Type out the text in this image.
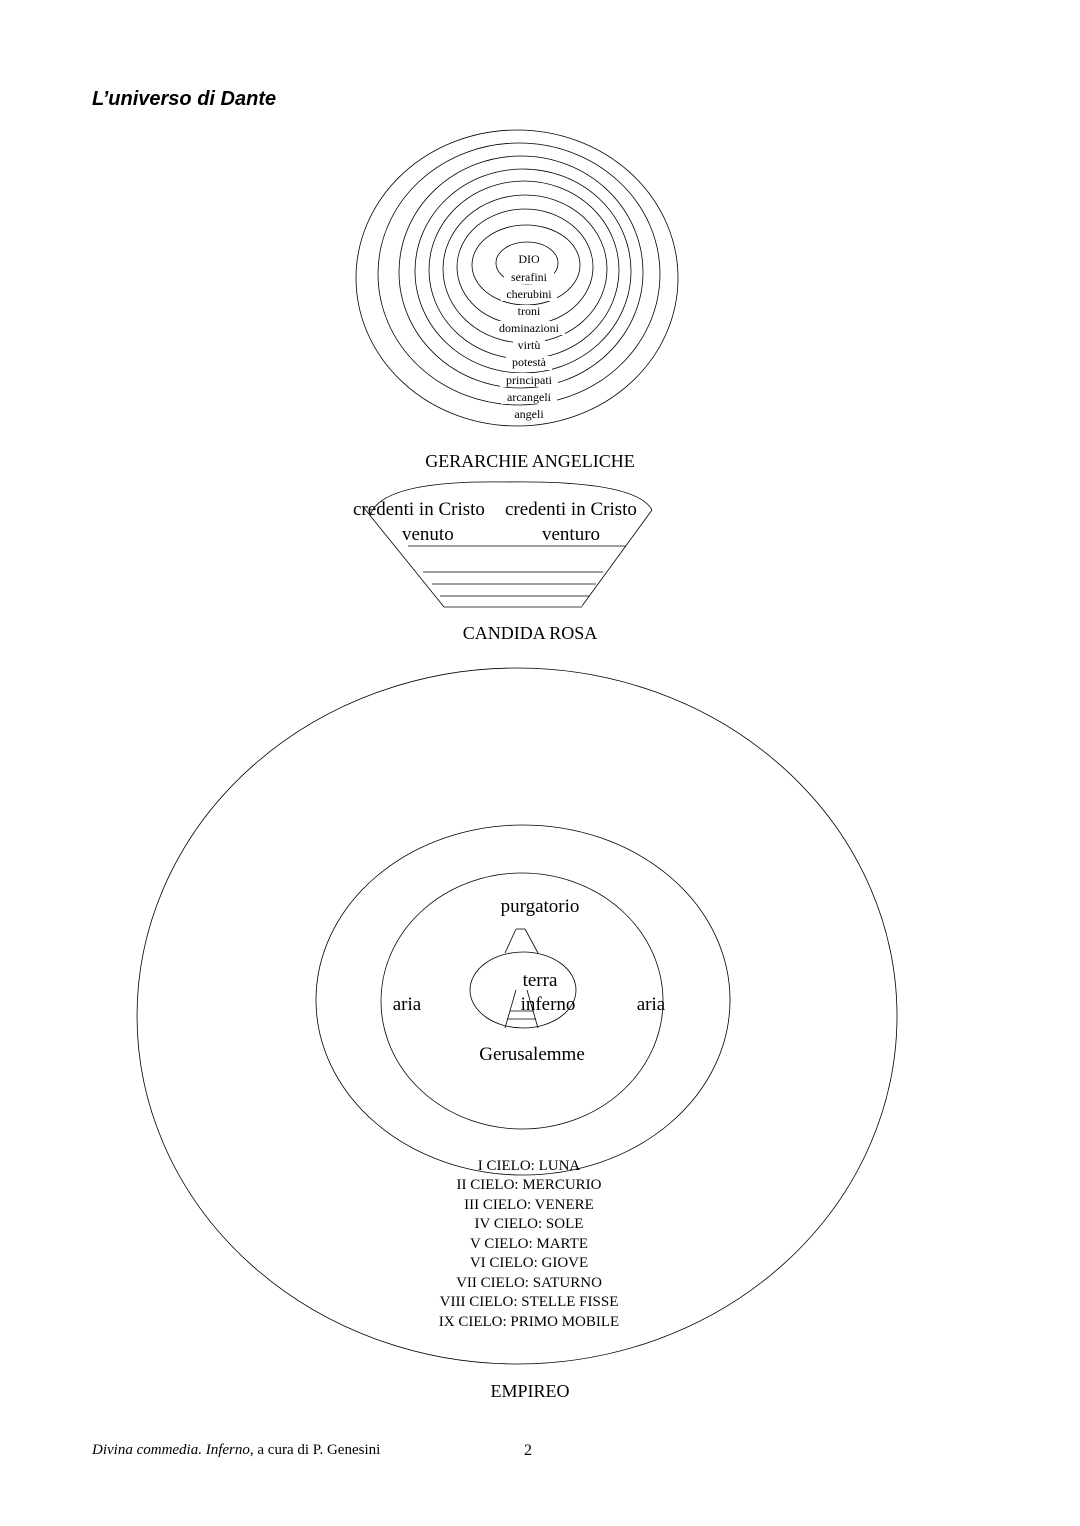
L’universo di Dante
DIO
serafini
cherubini
troni
dominazioni
virtù
potestà
principati
arcangeli
angeli
GERARCHIE ANGELICHE
credenti in Cristo credenti in Cristo
venuto	venturo
CANDIDA ROSA
purgatorio
terra
inferno
aria	aria
Gerusalemme
I CIELO: LUNA
II CIELO: MERCURIO
III CIELO: VENERE
IV CIELO: SOLE
V CIELO: MARTE
VI CIELO: GIOVE
VII CIELO: SATURNO
VIII CIELO: STELLE FISSE
IX CIELO: PRIMO MOBILE
EMPIREO
Divina commedia. Inferno, a cura di P. Genesini	2
